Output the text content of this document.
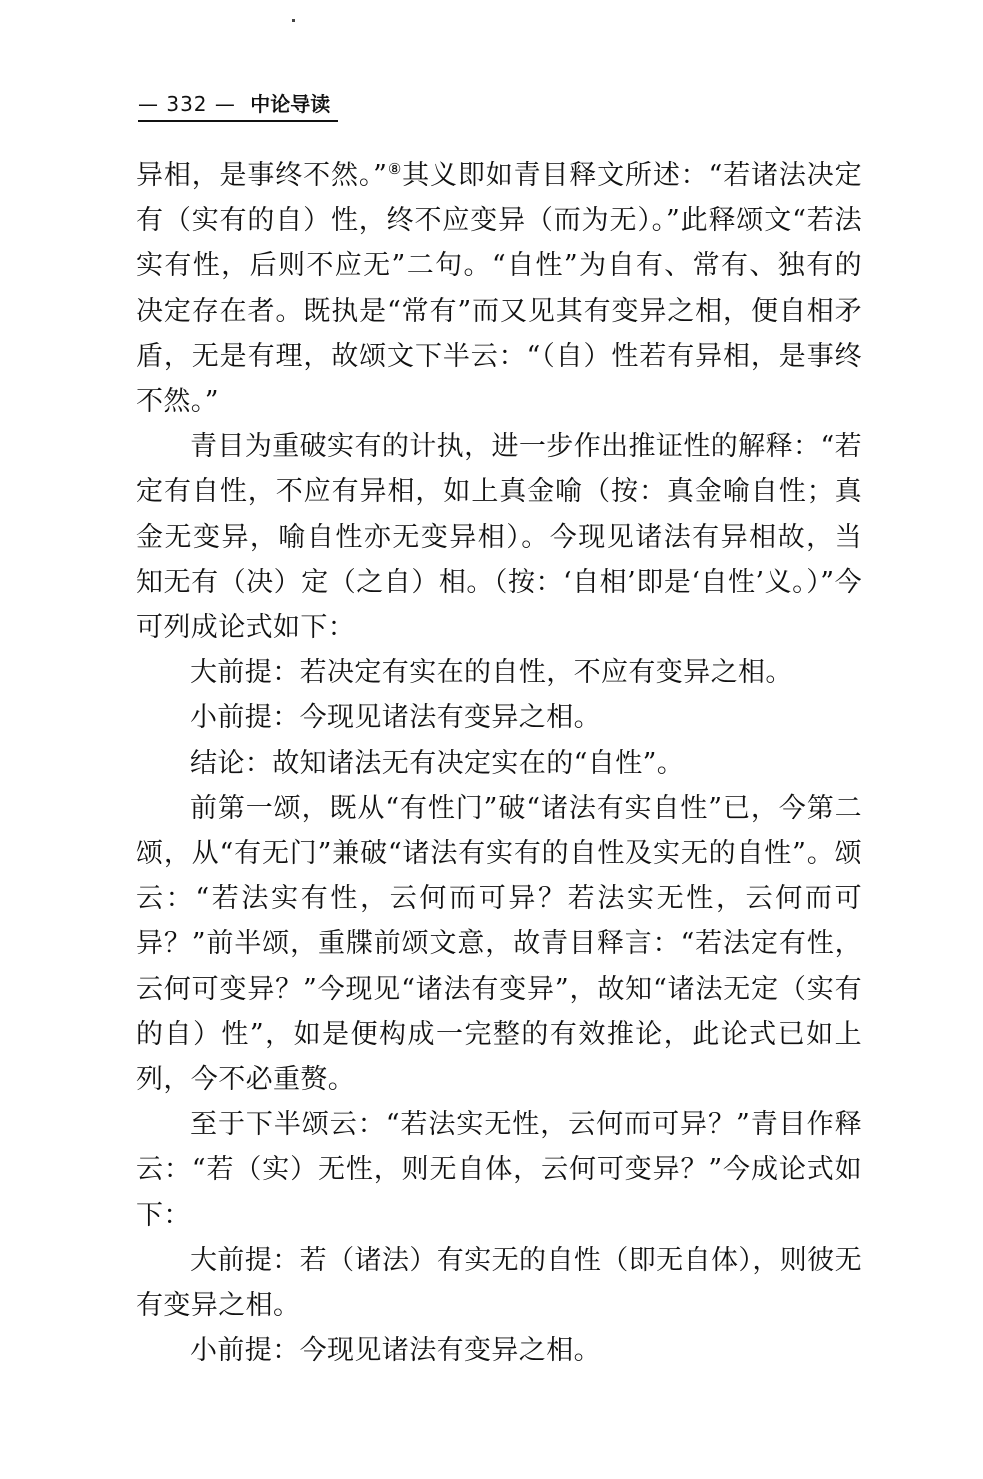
— 332 — 中论导读

异相，是事终不然。”⑧其义即如青目释文所述：“若诸法决定有（实有的自）性，终不应变异（而为无）。”此释颂文“若法实有性，后则不应无”二句。“自性”为自有、常有、独有的决定存在者。既执是“常有”而又见其有变异之相，便自相矛盾，无是有理，故颂文下半云：“（自）性若有异相，是事终不然。”

青目为重破实有的计执，进一步作出推证性的解释：“若定有自性，不应有异相，如上真金喻（按：真金喻自性；真金无变异，喻自性亦无变异相）。今现见诸法有异相故，当知无有（决）定（之自）相。（按：‘自相’即是‘自性’义。）”今可列成论式如下：

大前提：若决定有实在的自性，不应有变异之相。

小前提：今现见诸法有变异之相。

结论：故知诸法无有决定实在的“自性”。

前第一颂，既从“有性门”破“诸法有实自性”已，今第二颂，从“有无门”兼破“诸法有实有的自性及实无的自性”。颂云：“若法实有性，云何而可异？若法实无性，云何而可异？”前半颂，重牒前颂文意，故青目释言：“若法定有性，云何可变异？”今现见“诸法有变异”，故知“诸法无定（实有的自）性”，如是便构成一完整的有效推论，此论式已如上列，今不必重赘。

至于下半颂云：“若法实无性，云何而可异？”青目作释云：“若（实）无性，则无自体，云何可变异？”今成论式如下：

大前提：若（诸法）有实无的自性（即无自体），则彼无有变异之相。

小前提：今现见诸法有变异之相。
